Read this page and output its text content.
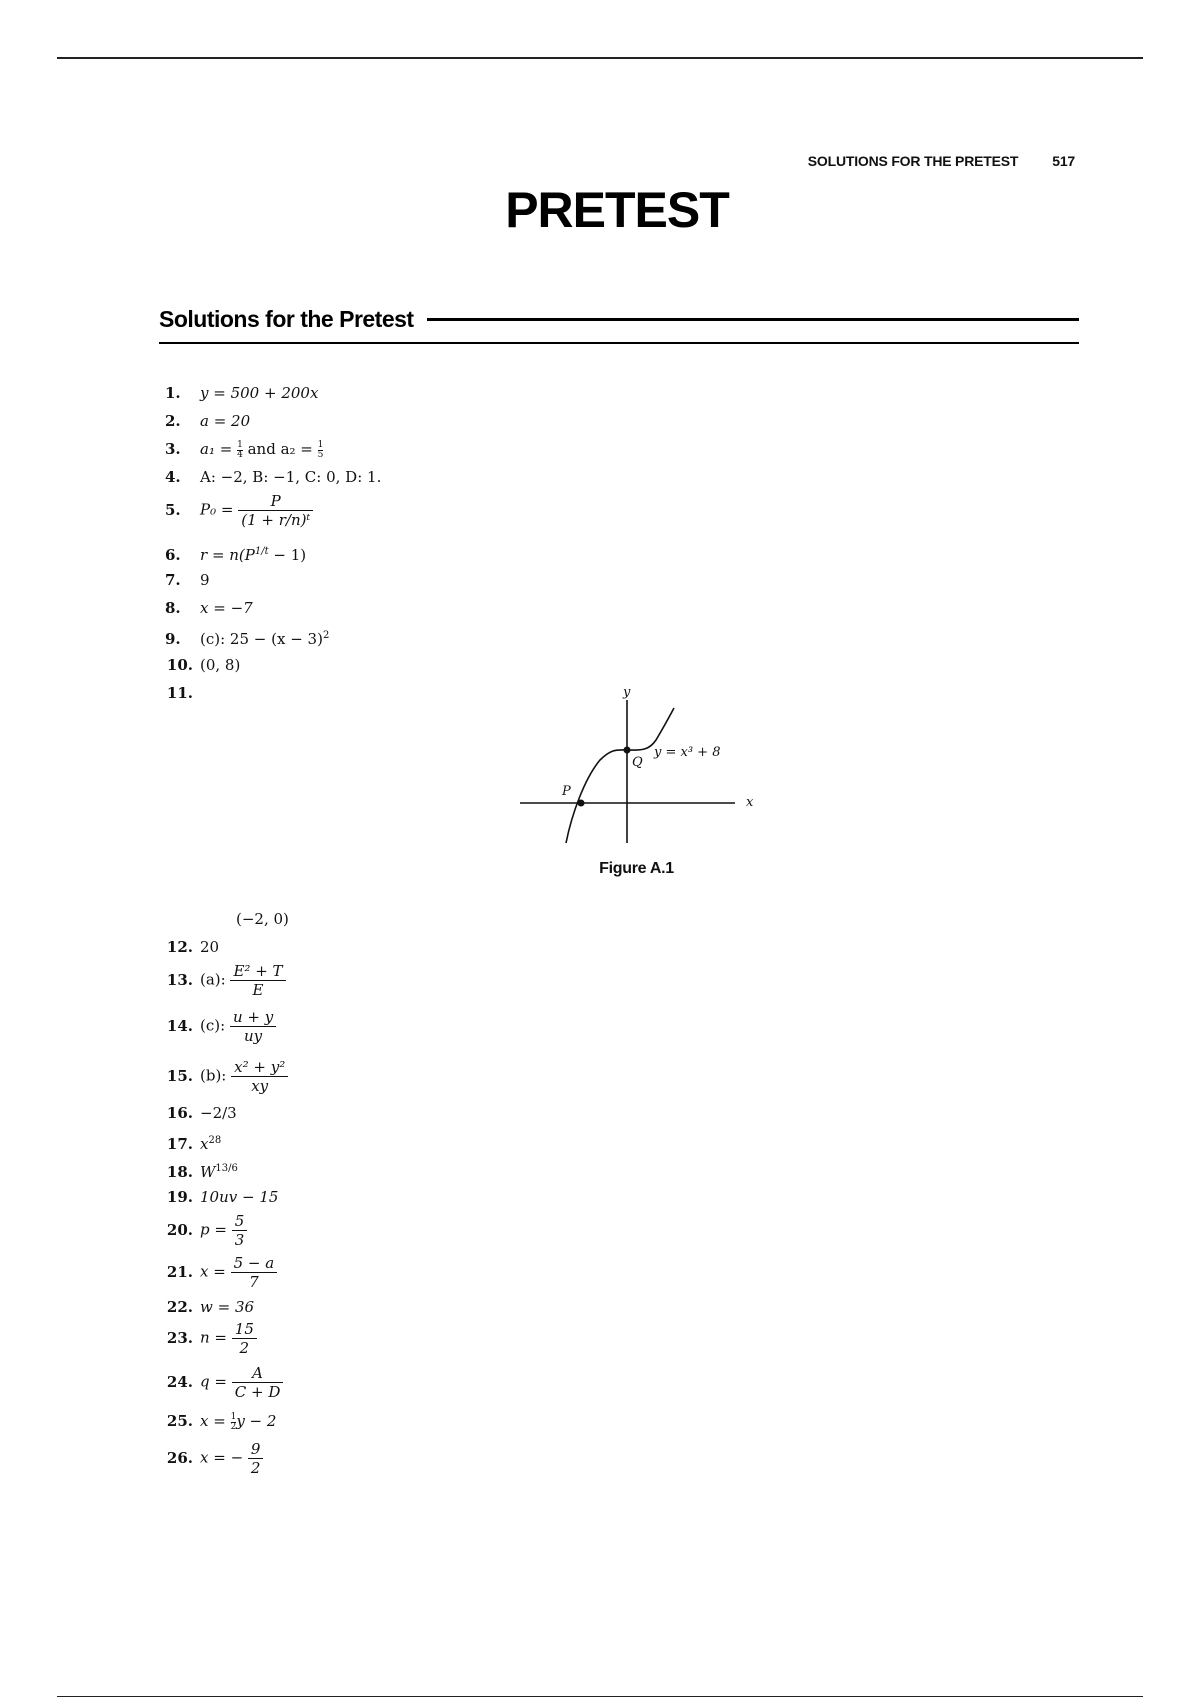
SOLUTIONS FOR THE PRETEST 517
PRETEST
Solutions for the Pretest
1. y = 500 + 200x
2. a = 20
3. $a_1 = \frac{1}{4}$ and $a_2 = \frac{1}{5}$
4. A: −2, B: −1, C: 0, D: 1.
5. $P_0 = \frac{P}{\text{(1 + r/n)ᵗ}}$
6. $r = n(P^{1/t} - 1)$
7. 9
8. x = −7
9. (c): $25 - (x - 3)^2$
10. (0, 8)
11.	y
x
y = x³ + 8
P
Q
Figure A.1
(−2, 0)
12. 20
13. (a): $\frac{\text{E² + T}}{E}$
14. (c): $\frac{u + y}{uy}$
15. (b): $\frac{\text{x² + y²}}{xy}$
16. −2/3
17. $x^{28}$
18. $W^{13/6}$
19. 10uv − 15
20. $p = \frac{5}{3}$
21. $x = \frac{5 - a}{7}$
22. w = 36
23. $n = \frac{15}{2}$
24. $q = \frac{A}{C + D}$
25. $x = \frac{1}{2}$ y − 2
26. x = − $\frac{9}{2}$
